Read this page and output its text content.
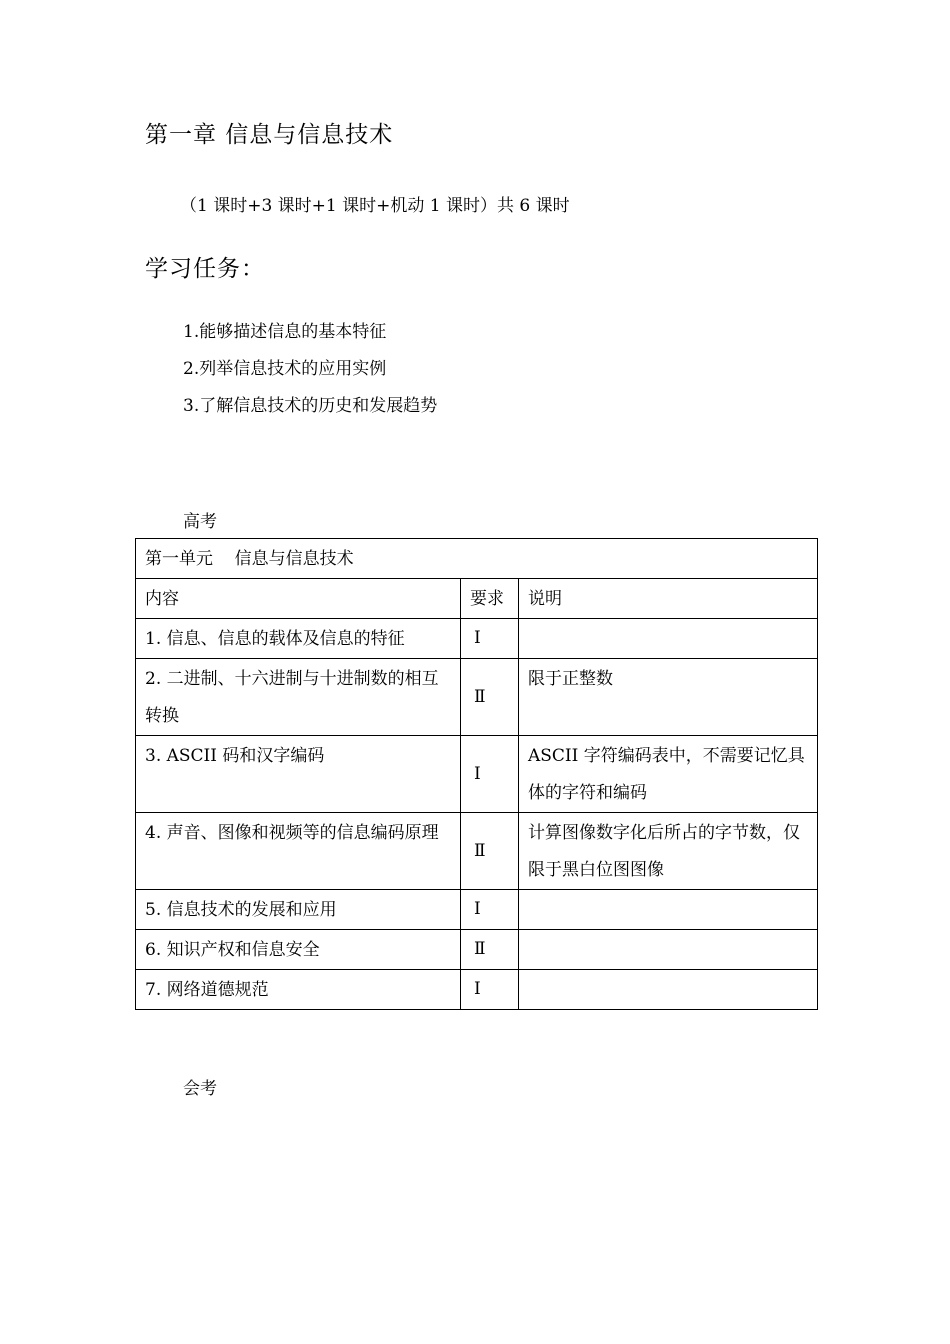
第一章 信息与信息技术
（1 课时+3 课时+1 课时+机动 1 课时）共 6 课时
学习任务：
1.能够描述信息的基本特征
2.列举信息技术的应用实例
3.了解信息技术的历史和发展趋势
高考
第一单元    信息与信息技术		
内容	要求	说明
1. 信息、信息的载体及信息的特征	Ⅰ	
2. 二进制、十六进制与十进制数的相互转换	Ⅱ	限于正整数
3. ASCII 码和汉字编码	Ⅰ	ASCII 字符编码表中，不需要记忆具体的字符和编码
4. 声音、图像和视频等的信息编码原理	Ⅱ	计算图像数字化后所占的字节数，仅限于黑白位图图像
5. 信息技术的发展和应用	Ⅰ	
6. 知识产权和信息安全	Ⅱ	
7. 网络道德规范	Ⅰ	
会考
